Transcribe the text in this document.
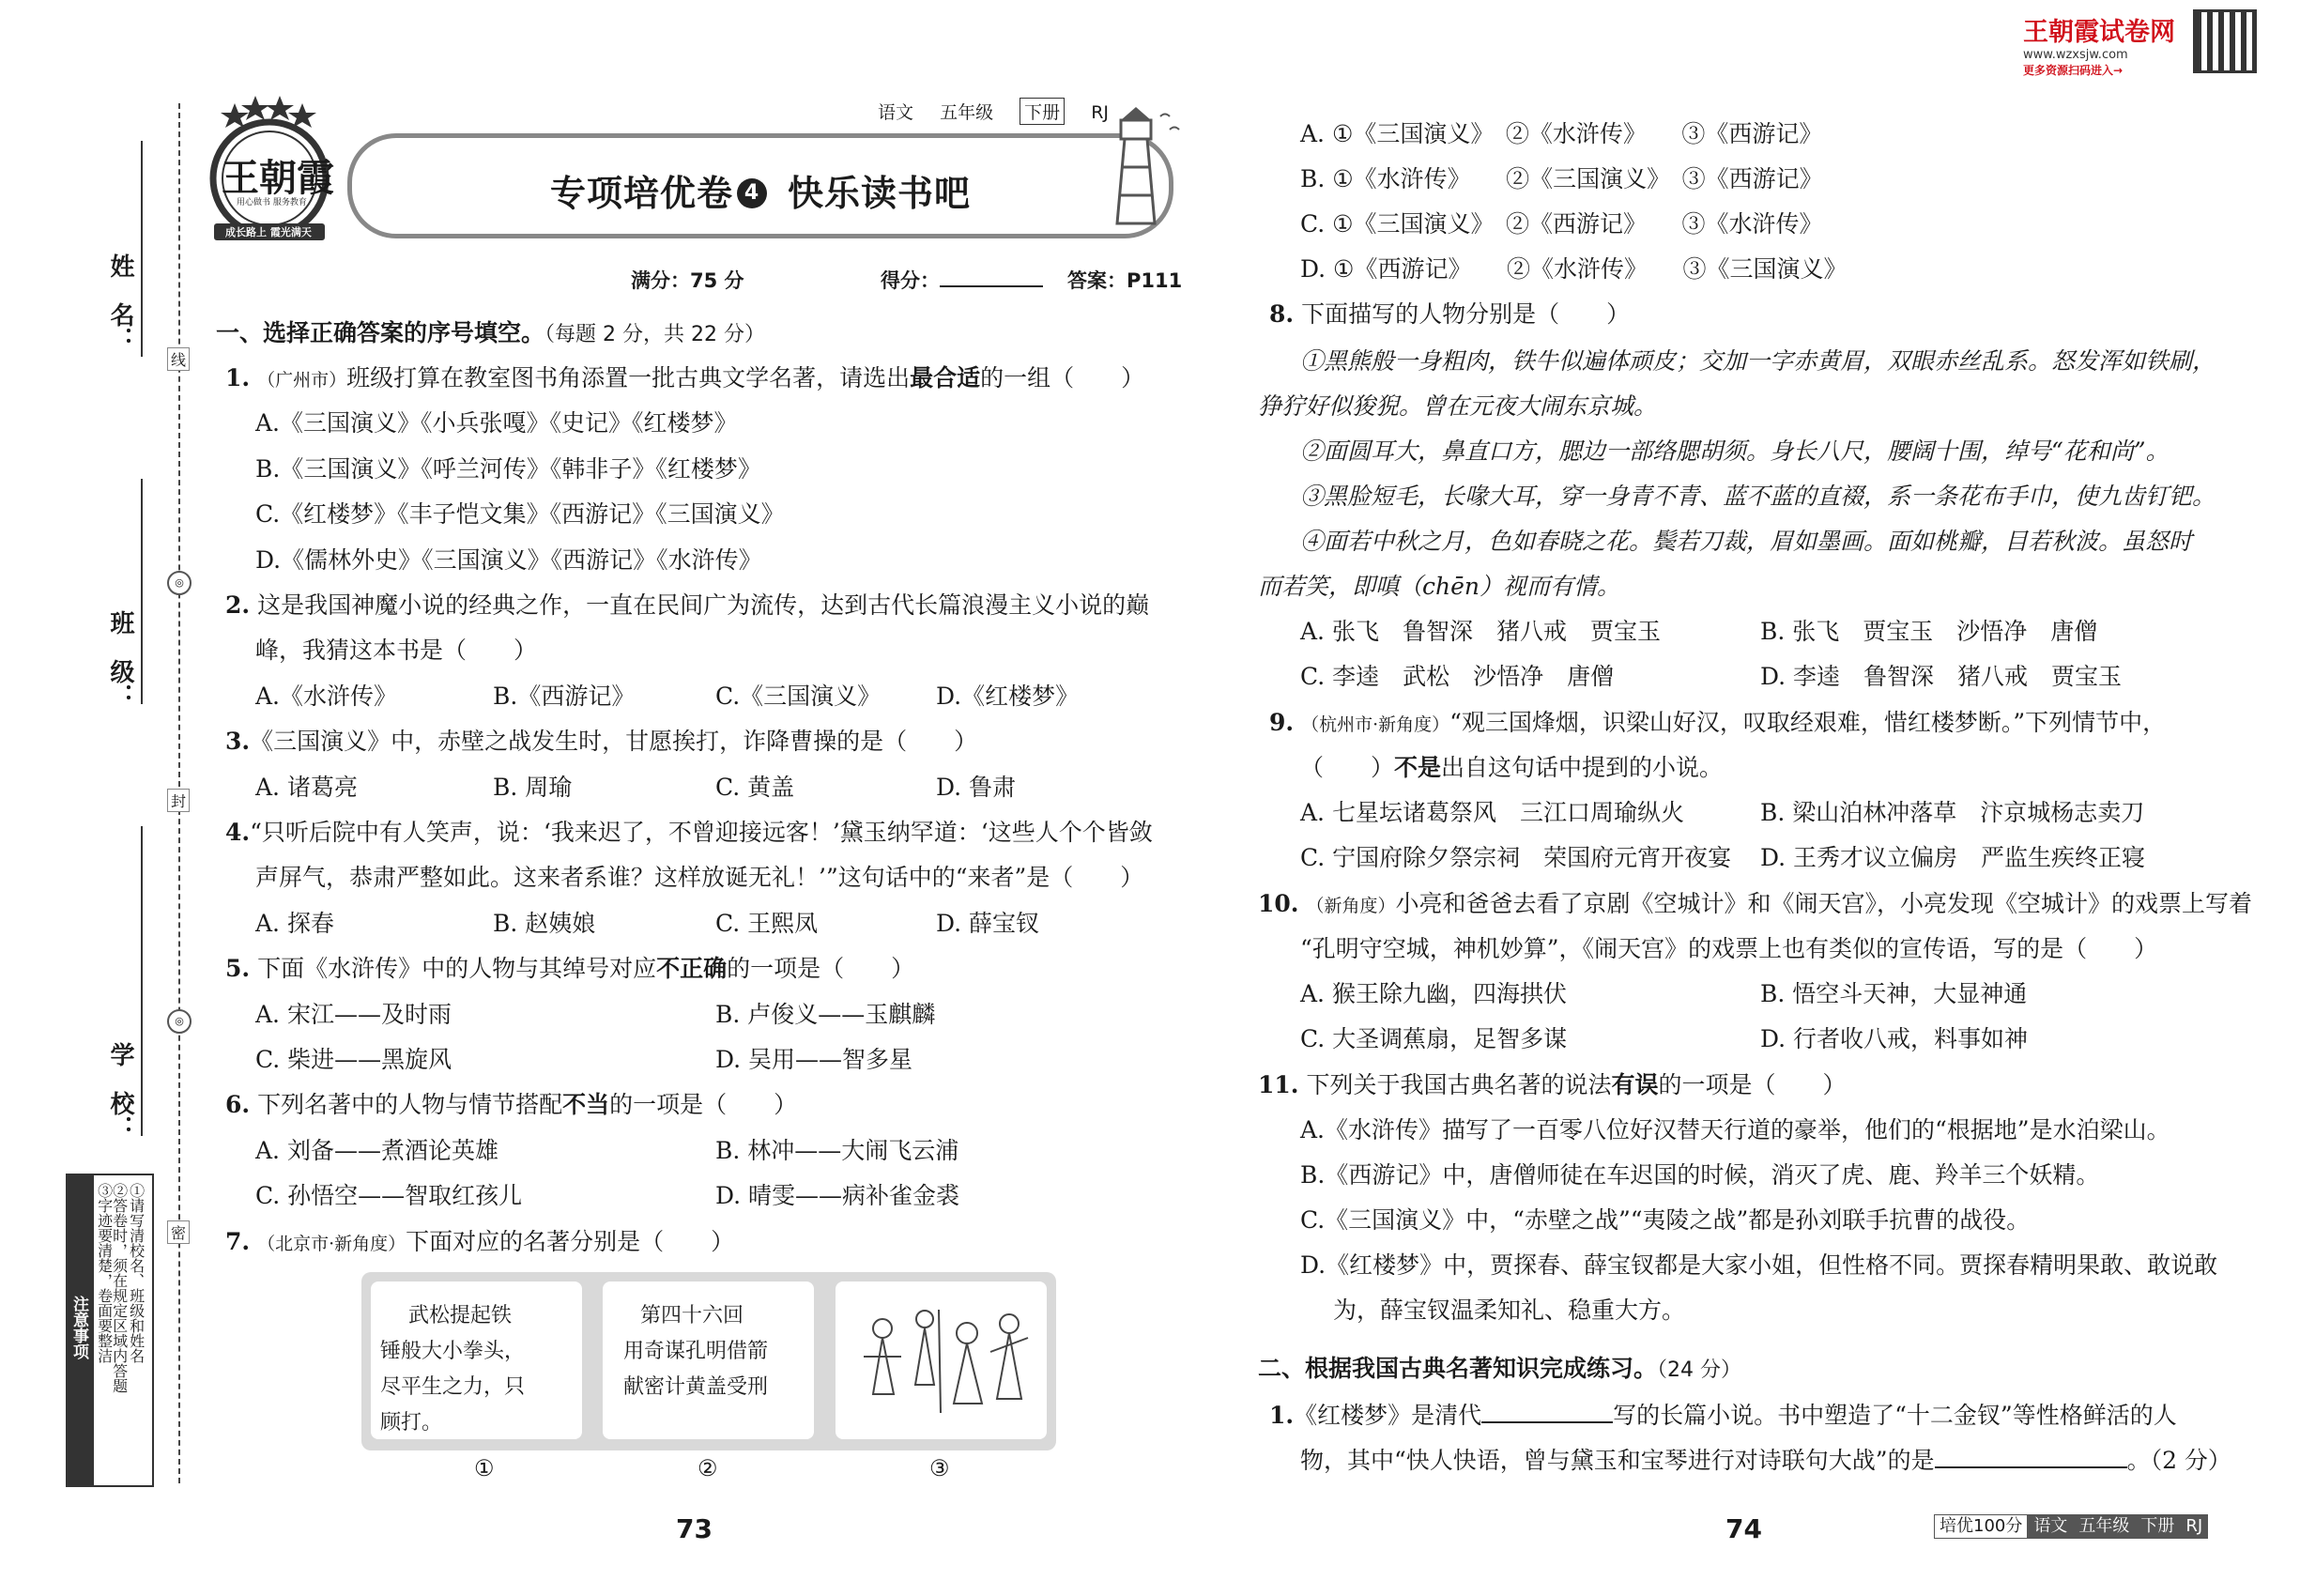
姓　名：
班　级：
学　校：
线
◎
封
◎
密
注意事项	①请写清校名、班级和姓名
②答卷时，须在规定区域内答题
③字迹要清楚，卷面要整洁
王朝霞
用心做书 服务教育
成长路上 霞光满天
语文 五年级 下册 RJ
专项培优卷 4 快乐读书吧
满分：75 分	得分：	答案：P111
王朝霞试卷网
www.wzxsjw.com
更多资源扫码进入→
一、选择正确答案的序号填空。（每题 2 分，共 22 分）
1. （广州市）班级打算在教室图书角添置一批古典文学名著，请选出最合适的一组（　　）
A.《三国演义》《小兵张嘎》《史记》《红楼梦》
B.《三国演义》《呼兰河传》《韩非子》《红楼梦》
C.《红楼梦》《丰子恺文集》《西游记》《三国演义》
D.《儒林外史》《三国演义》《西游记》《水浒传》
2. 这是我国神魔小说的经典之作，一直在民间广为流传，达到古代长篇浪漫主义小说的巅
峰，我猜这本书是（　　）
A.《水浒传》	B.《西游记》	C.《三国演义》 D.《红楼梦》
3.《三国演义》中，赤壁之战发生时，甘愿挨打，诈降曹操的是（　　）
A. 诸葛亮	B. 周瑜	C. 黄盖	D. 鲁肃
4.“只听后院中有人笑声，说：‘我来迟了，不曾迎接远客！’黛玉纳罕道：‘这些人个个皆敛
声屏气，恭肃严整如此。这来者系谁？这样放诞无礼！’”这句话中的“来者”是（　　）
A. 探春	B. 赵姨娘	C. 王熙凤	D. 薛宝钗
5. 下面《水浒传》中的人物与其绰号对应不正确的一项是（　　）
A. 宋江——及时雨	B. 卢俊义——玉麒麟
C. 柴进——黑旋风	D. 吴用——智多星
6. 下列名著中的人物与情节搭配不当的一项是（　　）
A. 刘备——煮酒论英雄	B. 林冲——大闹飞云浦
C. 孙悟空——智取红孩儿	D. 晴雯——病补雀金裘
7. （北京市·新角度）下面对应的名著分别是（　　）
武松提起铁
锤般大小拳头，
尽平生之力，只
顾打。
第四十六回
用奇谋孔明借箭
献密计黄盖受刑
①	②	③
73
A. ①《三国演义》　②《水浒传》　　③《西游记》
B. ①《水浒传》　　②《三国演义》　③《西游记》
C. ①《三国演义》　②《西游记》　　③《水浒传》
D. ①《西游记》　　②《水浒传》　　③《三国演义》
8. 下面描写的人物分别是（　　）
①黑熊般一身粗肉，铁牛似遍体顽皮；交加一字赤黄眉，双眼赤丝乱系。怒发浑如铁刷，
狰狞好似狻猊。曾在元夜大闹东京城。
②面圆耳大，鼻直口方，腮边一部络腮胡须。身长八尺，腰阔十围，绰号“花和尚”。
③黑脸短毛，长喙大耳，穿一身青不青、蓝不蓝的直裰，系一条花布手巾，使九齿钉钯。
④面若中秋之月，色如春晓之花。鬓若刀裁，眉如墨画。面如桃瓣，目若秋波。虽怒时
而若笑，即嗔（chēn）视而有情。
A. 张飞　鲁智深　猪八戒　贾宝玉	B. 张飞　贾宝玉　沙悟净　唐僧
C. 李逵　武松　沙悟净　唐僧	D. 李逵　鲁智深　猪八戒　贾宝玉
9. （杭州市·新角度）“观三国烽烟，识梁山好汉，叹取经艰难，惜红楼梦断。”下列情节中，
（　　）不是出自这句话中提到的小说。
A. 七星坛诸葛祭风　三江口周瑜纵火	B. 梁山泊林冲落草　汴京城杨志卖刀
C. 宁国府除夕祭宗祠　荣国府元宵开夜宴 D. 王秀才议立偏房　严监生疾终正寝
10. （新角度）小亮和爸爸去看了京剧《空城计》和《闹天宫》，小亮发现《空城计》的戏票上写着
“孔明守空城，神机妙算”，《闹天宫》的戏票上也有类似的宣传语，写的是（　　）
A. 猴王除九幽，四海拱伏	B. 悟空斗天神，大显神通
C. 大圣调蕉扇，足智多谋	D. 行者收八戒，料事如神
11. 下列关于我国古典名著的说法有误的一项是（　　）
A.《水浒传》描写了一百零八位好汉替天行道的豪举，他们的“根据地”是水泊梁山。
B.《西游记》中，唐僧师徒在车迟国的时候，消灭了虎、鹿、羚羊三个妖精。
C.《三国演义》中，“赤壁之战”“夷陵之战”都是孙刘联手抗曹的战役。
D.《红楼梦》中，贾探春、薛宝钗都是大家小姐，但性格不同。贾探春精明果敢、敢说敢
为，薛宝钗温柔知礼、稳重大方。
二、根据我国古典名著知识完成练习。（24 分）
1.《红楼梦》是清代	写的长篇小说。书中塑造了“十二金钗”等性格鲜活的人
物，其中“快人快语，曾与黛玉和宝琴进行对诗联句大战”的是	。（2 分）
74	培优100分 语文 五年级 下册 RJ
